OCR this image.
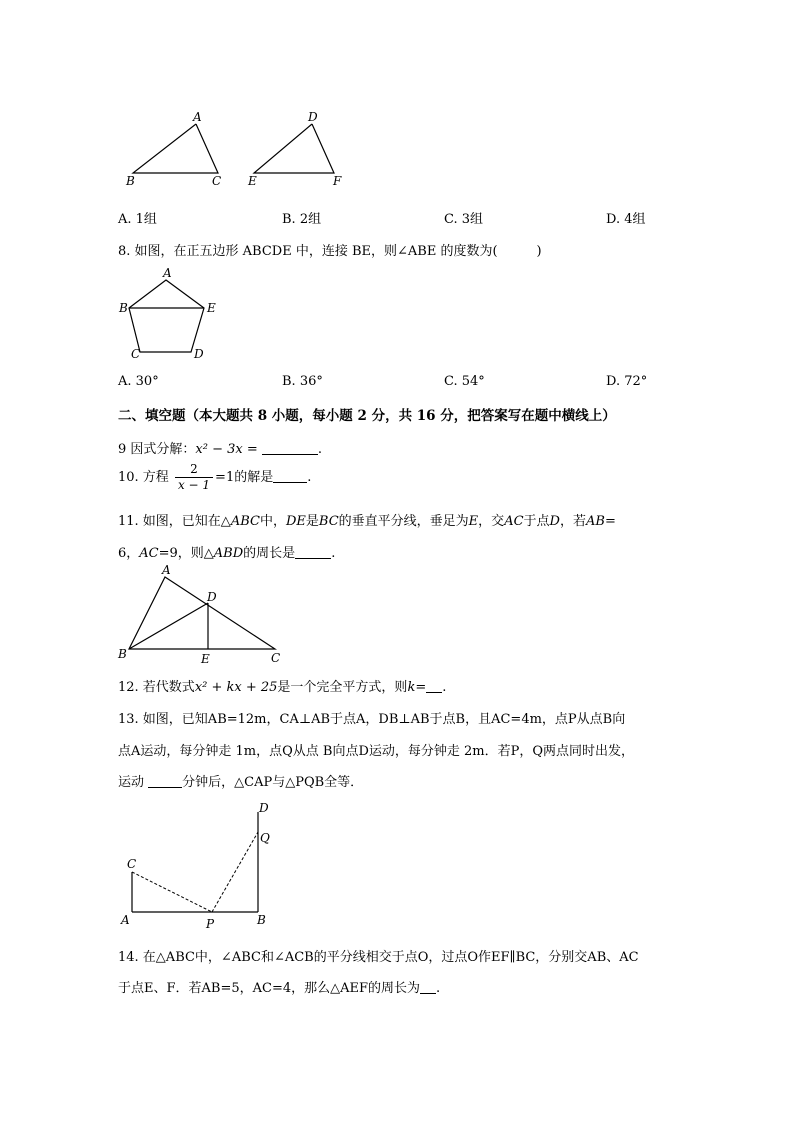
A
B	C
D
E	F
A. 1组	B. 2组	C. 3组	D. 4组
8. 如图，在正五边形 ABCDE 中，连接 BE，则∠ABE 的度数为(　　　)
A
B
C	D
E
A. 30°	B. 36°	C. 54°	D. 72°
二、填空题（本大题共 8 小题，每小题 2 分，共 16 分，把答案写在题中横线上）
9 因式分解：x² − 3x =	.
10. 方程 $\frac{2}{x - 1} =1$的解是	.
11. 如图，已知在△ABC中，DE是BC的垂直平分线，垂足为E，交AC于点D，若AB=
6，AC=9，则△ABD的周长是	.
A
B	C
D
E
12. 若代数式x² + kx + 25是一个完全平方式，则k= .
13. 如图，已知AB=12m，CA⊥AB于点A，DB⊥AB于点B，且AC=4m，点P从点B向
点A运动，每分钟走 1m，点Q从点 B向点D运动，每分钟走 2m．若P，Q两点同时出发，
运动	分钟后，△CAP与△PQB全等．
D
Q
C
A	P	B
14. 在△ABC中，∠ABC和∠ACB的平分线相交于点O，过点O作EF∥BC，分别交AB、AC
于点E、F．若AB=5，AC=4，那么△AEF的周长为 .
